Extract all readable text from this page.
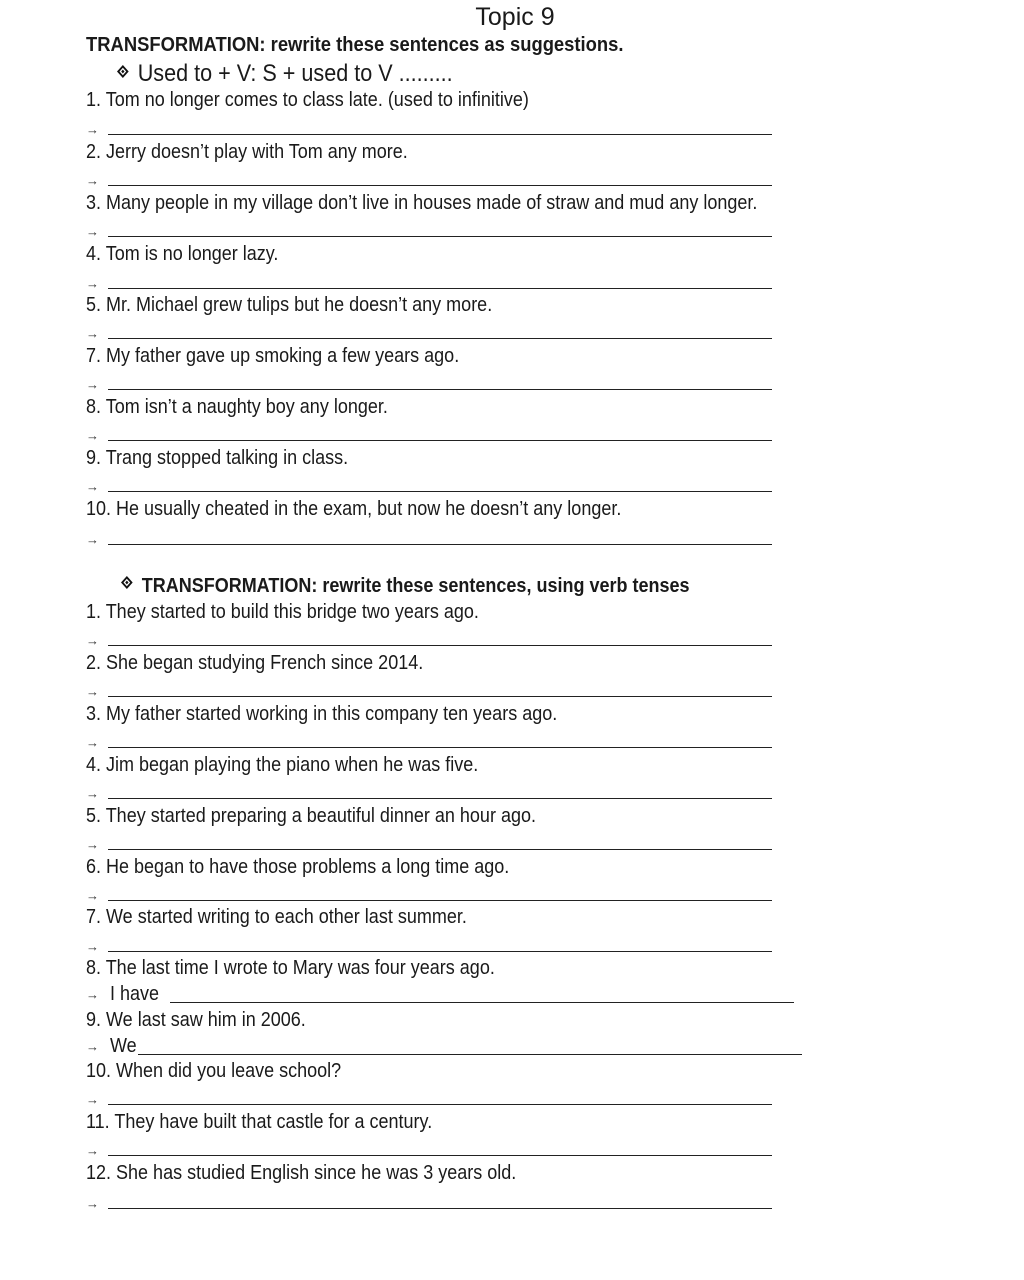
Topic 9
TRANSFORMATION: rewrite these sentences as suggestions.
Used to + V: S + used to V .........
1. Tom no longer comes to class late. (used to infinitive)
→
2. Jerry doesn’t play with Tom any more.
→
3. Many people in my village don’t live in houses made of straw and mud any longer.
→
4. Tom is no longer lazy.
→
5. Mr. Michael grew tulips but he doesn’t any more.
→
7. My father gave up smoking a few years ago.
→
8. Tom isn’t a naughty boy any longer.
→
9. Trang stopped talking in class.
→
10. He usually cheated in the exam, but now he doesn’t any longer.
→
TRANSFORMATION: rewrite these sentences, using verb tenses
1. They started to build this bridge two years ago.
→
2. She began studying French since 2014.
→
3. My father started working in this company ten years ago.
→
4. Jim began playing the piano when he was five.
→
5. They started preparing a beautiful dinner an hour ago.
→
6. He began to have those problems a long time ago.
→
7. We started writing to each other last summer.
→
8. The last time I wrote to Mary was four years ago.
→ I have
9. We last saw him in 2006.
→ We
10. When did you leave school?
→
11. They have built that castle for a century.
→
12. She has studied English since he was 3 years old.
→
